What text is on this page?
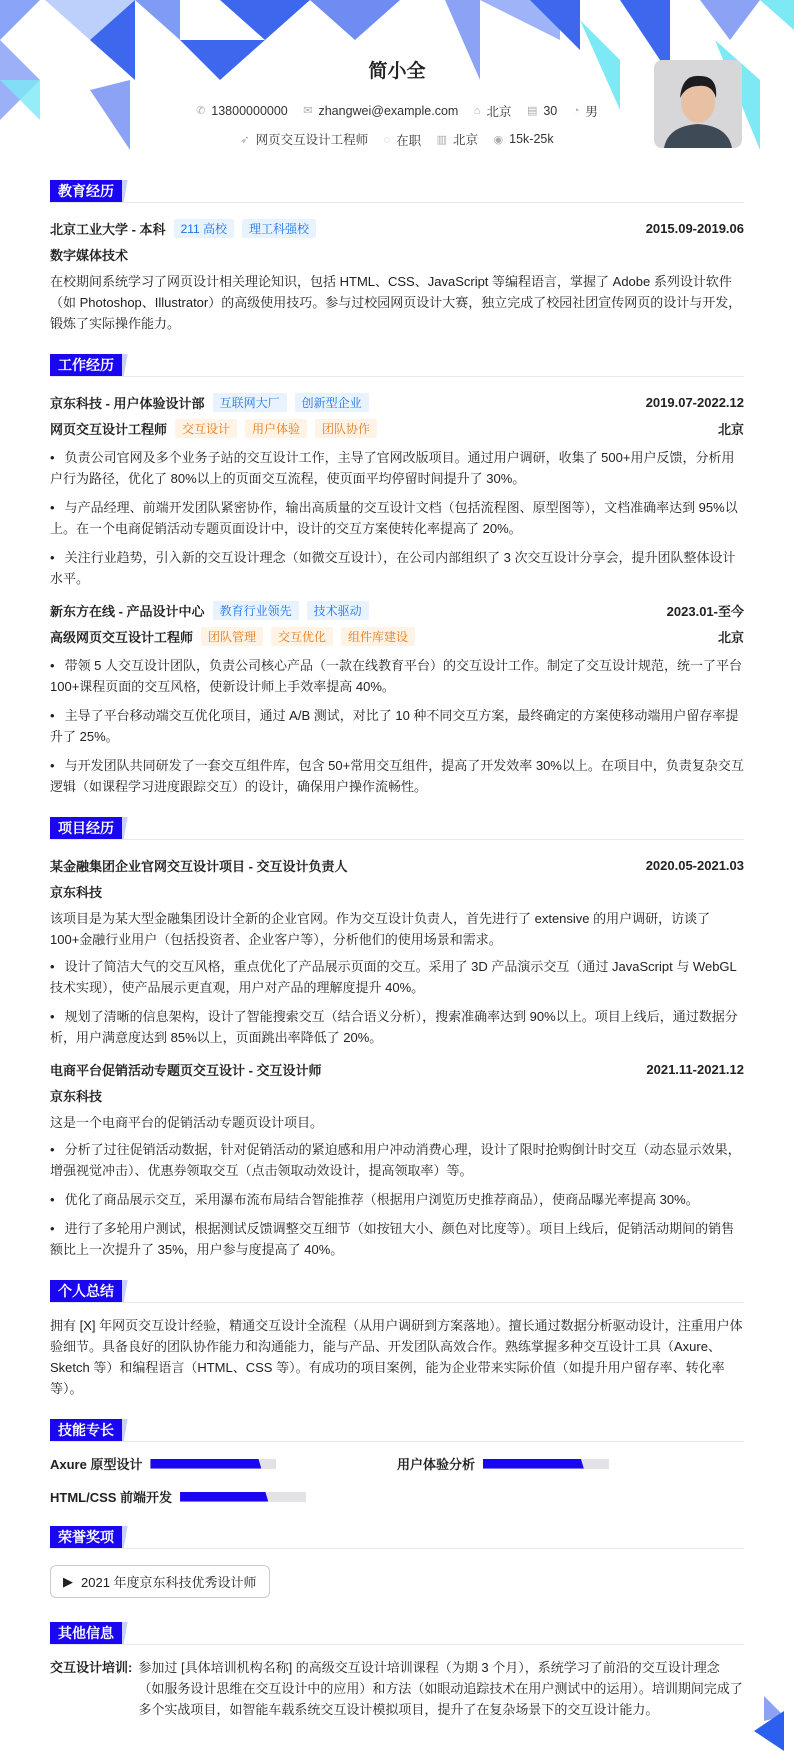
简小全
✆ 13800000000
✉ zhangwei@example.com
⌂ 北京
▤ 30
◔ 男
➶ 网页交互设计工程师
◌ 在职
▥ 北京
◉ 15k-25k
教育经历
北京工业大学 - 本科	211 高校	理工科强校	2015.09-2019.06
数字媒体技术

在校期间系统学习了网页设计相关理论知识，包括 HTML、CSS、JavaScript 等编程语言，掌握了 Adobe 系列设计软件（如 Photoshop、Illustrator）的高级使用技巧。参与过校园网页设计大赛，独立完成了校园社团宣传网页的设计与开发，锻炼了实际操作能力。

工作经历
京东科技 - 用户体验设计部	互联网大厂	创新型企业	2019.07-2022.12
网页交互设计工程师	交互设计	用户体验	团队协作	北京
• 负责公司官网及多个业务子站的交互设计工作，主导了官网改版项目。通过用户调研，收集了 500+用户反馈，分析用户行为路径，优化了 80%以上的页面交互流程，使页面平均停留时间提升了 30%。
• 与产品经理、前端开发团队紧密协作，输出高质量的交互设计文档（包括流程图、原型图等），文档准确率达到 95%以上。在一个电商促销活动专题页面设计中，设计的交互方案使转化率提高了 20%。
• 关注行业趋势，引入新的交互设计理念（如微交互设计），在公司内部组织了 3 次交互设计分享会，提升团队整体设计水平。
新东方在线 - 产品设计中心	教育行业领先	技术驱动	2023.01-至今
高级网页交互设计工程师	团队管理	交互优化	组件库建设	北京
• 带领 5 人交互设计团队，负责公司核心产品（一款在线教育平台）的交互设计工作。制定了交互设计规范，统一了平台 100+课程页面的交互风格，使新设计师上手效率提高 40%。
• 主导了平台移动端交互优化项目，通过 A/B 测试，对比了 10 种不同交互方案，最终确定的方案使移动端用户留存率提升了 25%。
• 与开发团队共同研发了一套交互组件库，包含 50+常用交互组件，提高了开发效率 30%以上。在项目中，负责复杂交互逻辑（如课程学习进度跟踪交互）的设计，确保用户操作流畅性。
项目经历
某金融集团企业官网交互设计项目 - 交互设计负责人	2020.05-2021.03
京东科技

该项目是为某大型金融集团设计全新的企业官网。作为交互设计负责人，首先进行了 extensive 的用户调研，访谈了 100+金融行业用户（包括投资者、企业客户等），分析他们的使用场景和需求。

• 设计了简洁大气的交互风格，重点优化了产品展示页面的交互。采用了 3D 产品演示交互（通过 JavaScript 与 WebGL 技术实现），使产品展示更直观，用户对产品的理解度提升 40%。
• 规划了清晰的信息架构，设计了智能搜索交互（结合语义分析），搜索准确率达到 90%以上。项目上线后，通过数据分析，用户满意度达到 85%以上，页面跳出率降低了 20%。
电商平台促销活动专题页交互设计 - 交互设计师	2021.11-2021.12
京东科技

这是一个电商平台的促销活动专题页设计项目。

• 分析了过往促销活动数据，针对促销活动的紧迫感和用户冲动消费心理，设计了限时抢购倒计时交互（动态显示效果，增强视觉冲击）、优惠券领取交互（点击领取动效设计，提高领取率）等。
• 优化了商品展示交互，采用瀑布流布局结合智能推荐（根据用户浏览历史推荐商品），使商品曝光率提高 30%。
• 进行了多轮用户测试，根据测试反馈调整交互细节（如按钮大小、颜色对比度等）。项目上线后，促销活动期间的销售额比上一次提升了 35%，用户参与度提高了 40%。
个人总结

拥有 [X] 年网页交互设计经验，精通交互设计全流程（从用户调研到方案落地）。擅长通过数据分析驱动设计，注重用户体验细节。具备良好的团队协作能力和沟通能力，能与产品、开发团队高效合作。熟练掌握多种交互设计工具（Axure、Sketch 等）和编程语言（HTML、CSS 等）。有成功的项目案例，能为企业带来实际价值（如提升用户留存率、转化率等）。

技能专长
Axure 原型设计	用户体验分析
HTML/CSS 前端开发
荣誉奖项
▶ 2021 年度京东科技优秀设计师
其他信息
交互设计培训: 参加过 [具体培训机构名称] 的高级交互设计培训课程（为期 3 个月），系统学习了前沿的交互设计理念（如服务设计思维在交互设计中的应用）和方法（如眼动追踪技术在用户测试中的运用）。培训期间完成了多个实战项目，如智能车载系统交互设计模拟项目，提升了在复杂场景下的交互设计能力。
